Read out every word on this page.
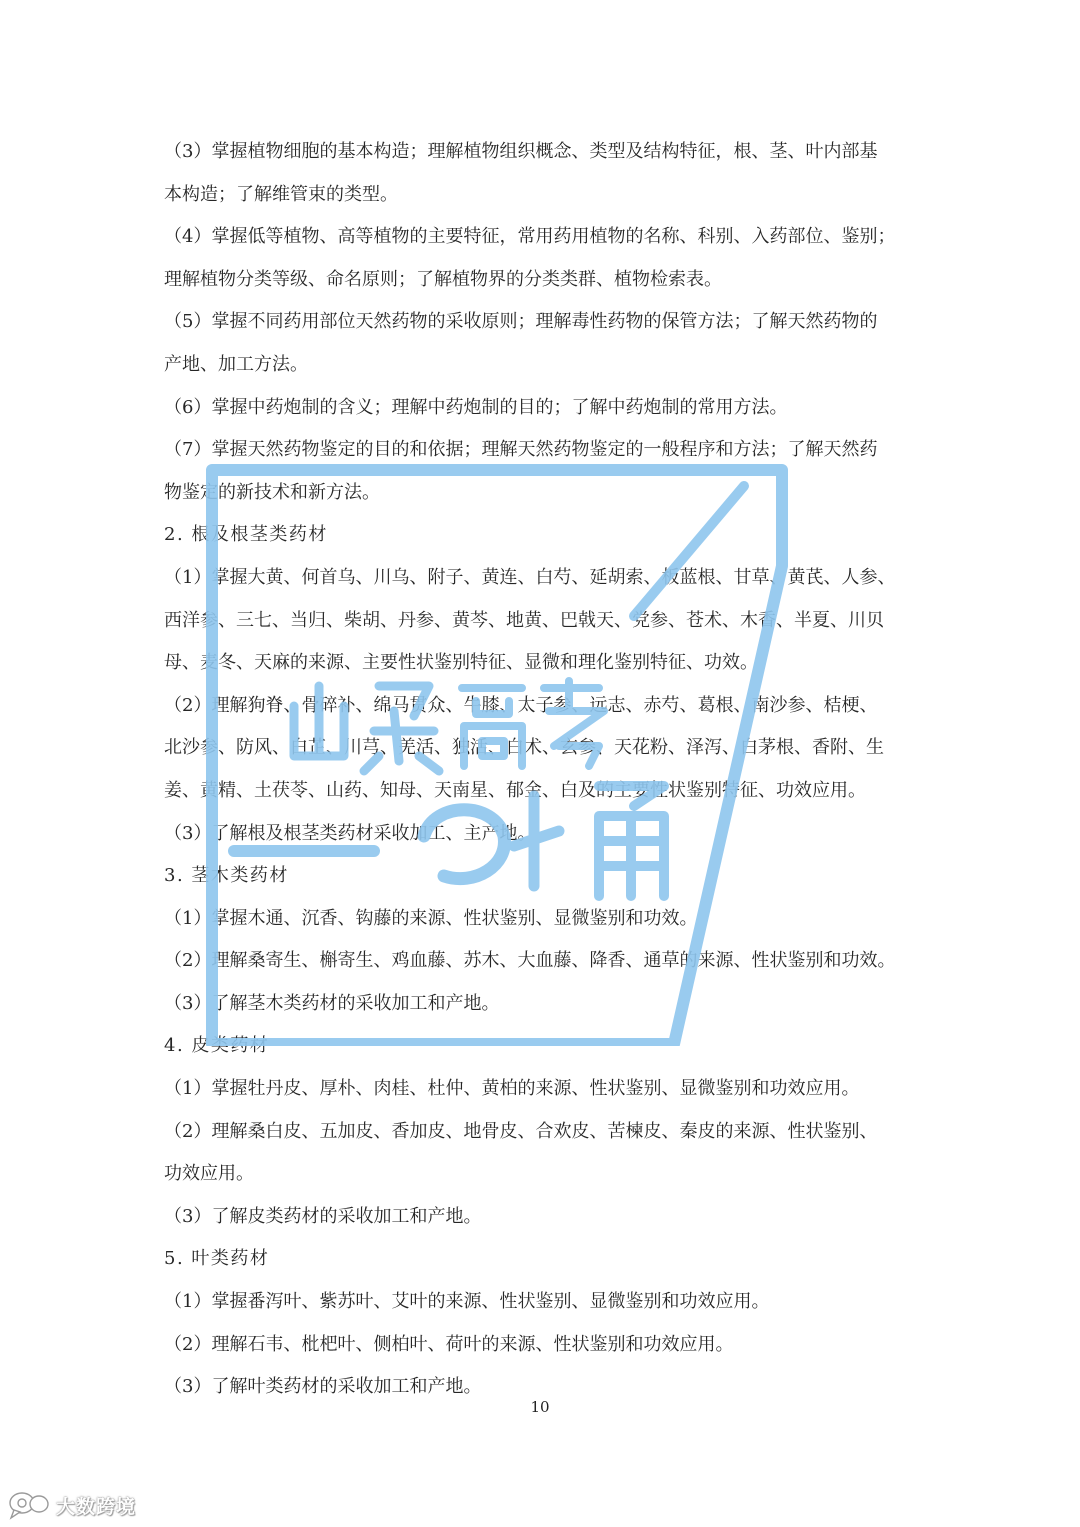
（3）掌握植物细胞的基本构造；理解植物组织概念、类型及结构特征，根、茎、叶内部基
本构造；了解维管束的类型。
（4）掌握低等植物、高等植物的主要特征，常用药用植物的名称、科别、入药部位、鉴别；
理解植物分类等级、命名原则；了解植物界的分类类群、植物检索表。
（5）掌握不同药用部位天然药物的采收原则；理解毒性药物的保管方法；了解天然药物的
产地、加工方法。
（6）掌握中药炮制的含义；理解中药炮制的目的；了解中药炮制的常用方法。
（7）掌握天然药物鉴定的目的和依据；理解天然药物鉴定的一般程序和方法；了解天然药
物鉴定的新技术和新方法。
2. 根及根茎类药材
（1）掌握大黄、何首乌、川乌、附子、黄连、白芍、延胡索、板蓝根、甘草、黄芪、人参、
西洋参、三七、当归、柴胡、丹参、黄芩、地黄、巴戟天、党参、苍术、木香、半夏、川贝
母、麦冬、天麻的来源、主要性状鉴别特征、显微和理化鉴别特征、功效。
（2）理解狗脊、骨碎补、绵马贯众、牛膝、太子参、远志、赤芍、葛根、南沙参、桔梗、
北沙参、防风、白芷、川芎、羌活、独活、白术、玄参、天花粉、泽泻、白茅根、香附、生
姜、黄精、土茯苓、山药、知母、天南星、郁金、白及的主要性状鉴别特征、功效应用。
（3）了解根及根茎类药材采收加工、主产地。
3. 茎木类药材
（1）掌握木通、沉香、钩藤的来源、性状鉴别、显微鉴别和功效。
（2）理解桑寄生、槲寄生、鸡血藤、苏木、大血藤、降香、通草的来源、性状鉴别和功效。
（3）了解茎木类药材的采收加工和产地。
4. 皮类药材
（1）掌握牡丹皮、厚朴、肉桂、杜仲、黄柏的来源、性状鉴别、显微鉴别和功效应用。
（2）理解桑白皮、五加皮、香加皮、地骨皮、合欢皮、苦楝皮、秦皮的来源、性状鉴别、
功效应用。
（3）了解皮类药材的采收加工和产地。
5. 叶类药材
（1）掌握番泻叶、紫苏叶、艾叶的来源、性状鉴别、显微鉴别和功效应用。
（2）理解石韦、枇杷叶、侧柏叶、荷叶的来源、性状鉴别和功效应用。
（3）了解叶类药材的采收加工和产地。
10
大数跨境
